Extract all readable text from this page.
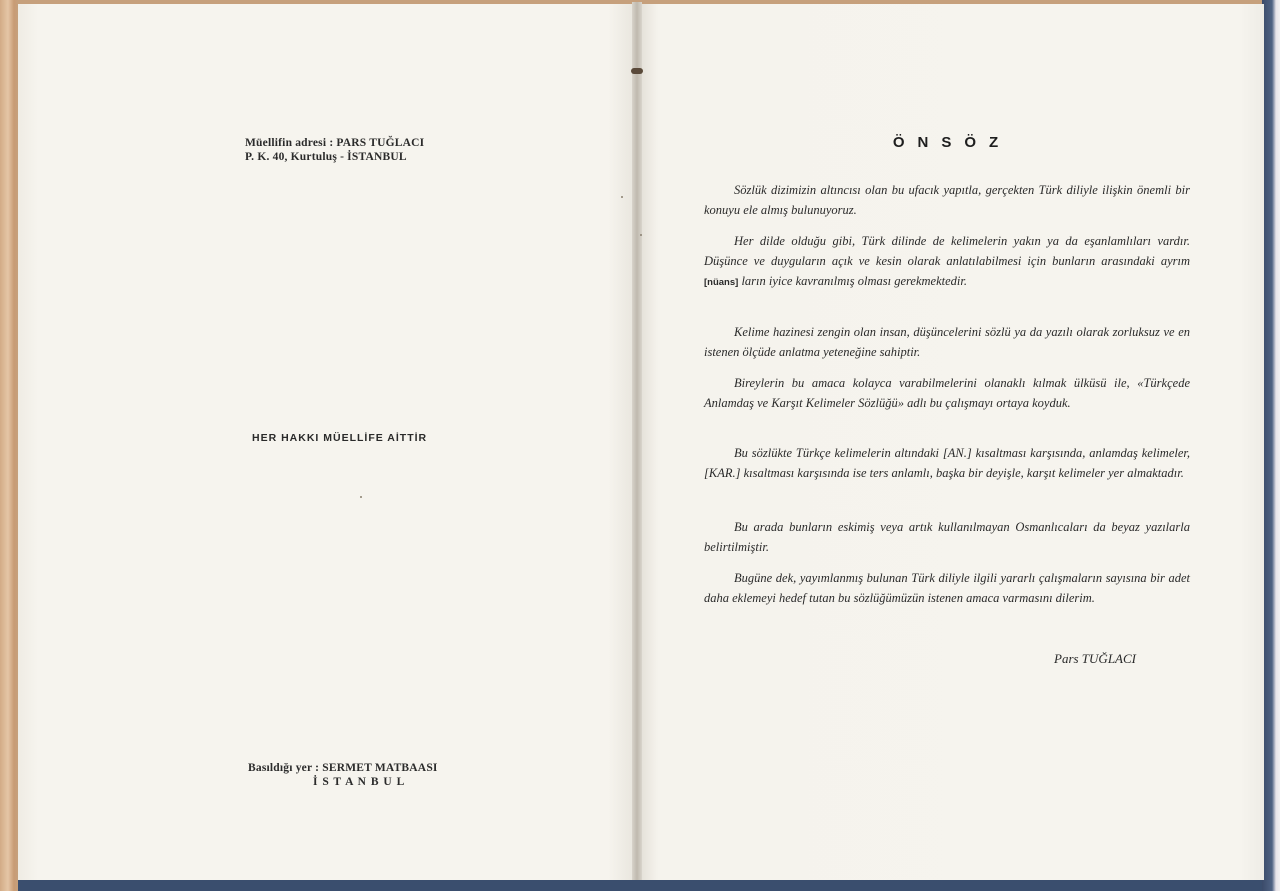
Müellifin adresi : PARS TUĞLACI
P. K. 40, Kurtuluş - İSTANBUL
HER HAKKI MÜELLİFE AİTTİR
Basıldığı yer : SERMET MATBAASI
İ S T A N B U L
ÖNSÖZ

Sözlük dizimizin altıncısı olan bu ufacık yapıtla, gerçekten Türk diliyle ilişkin önemli bir konuyu ele almış bulunuyoruz.

Her dilde olduğu gibi, Türk dilinde de kelimelerin yakın ya da eşanlamlıları vardır. Düşünce ve duyguların açık ve kesin olarak anlatılabilmesi için bunların arasındaki ayrım [nüans] ların iyice kavranılmış olması gerekmektedir.

Kelime hazinesi zengin olan insan, düşüncelerini sözlü ya da yazılı olarak zorluksuz ve en istenen ölçüde anlatma yeteneğine sahiptir.

Bireylerin bu amaca kolayca varabilmelerini olanaklı kılmak ülküsü ile, «Türkçede Anlamdaş ve Karşıt Kelimeler Sözlüğü» adlı bu çalışmayı ortaya koyduk.

Bu sözlükte Türkçe kelimelerin altındaki [AN.] kısaltması karşısında, anlamdaş kelimeler, [KAR.] kısaltması karşısında ise ters anlamlı, başka bir deyişle, karşıt kelimeler yer almaktadır.

Bu arada bunların eskimiş veya artık kullanılmayan Osmanlıcaları da beyaz yazılarla belirtilmiştir.

Bugüne dek, yayımlanmış bulunan Türk diliyle ilgili yararlı çalışmaların sayısına bir adet daha eklemeyi hedef tutan bu sözlüğümüzün istenen amaca varmasını dilerim.

Pars TUĞLACI
